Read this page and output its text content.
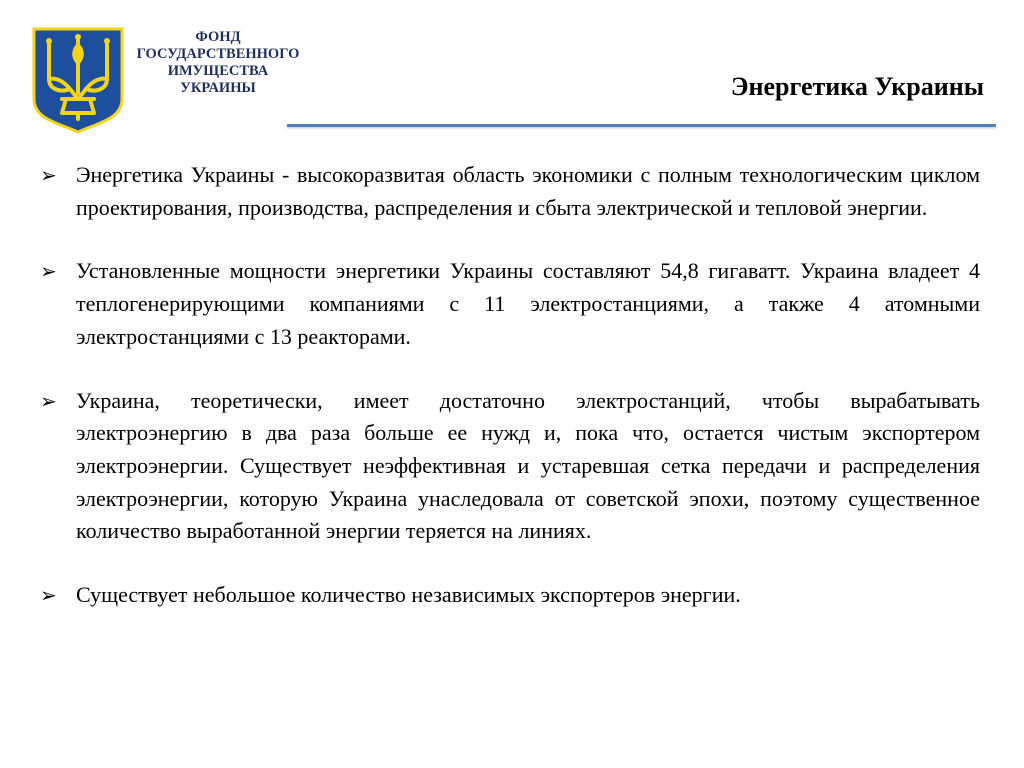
ФОНД
ГОСУДАРСТВЕННОГО
ИМУЩЕСТВА
УКРАИНЫ	Энергетика Украины
➢ Энергетика Украины - высокоразвитая область экономики с полным технологическим циклом проектирования, производства, распределения и сбыта электрической и тепловой энергии.
➢ Установленные мощности энергетики Украины составляют 54,8 гигаватт. Украина владеет 4 теплогенерирующими компаниями с 11 электростанциями, а также 4 атомными электростанциями с 13 реакторами.
➢ Украина, теоретически, имеет достаточно электростанций, чтобы вырабатывать электроэнергию в два раза больше ее нужд и, пока что, остается чистым экспортером электроэнергии. Существует неэффективная и устаревшая сетка передачи и распределения электроэнергии, которую Украина унаследовала от советской эпохи, поэтому существенное количество выработанной энергии теряется на линиях.
➢ Существует небольшое количество независимых экспортеров энергии.
